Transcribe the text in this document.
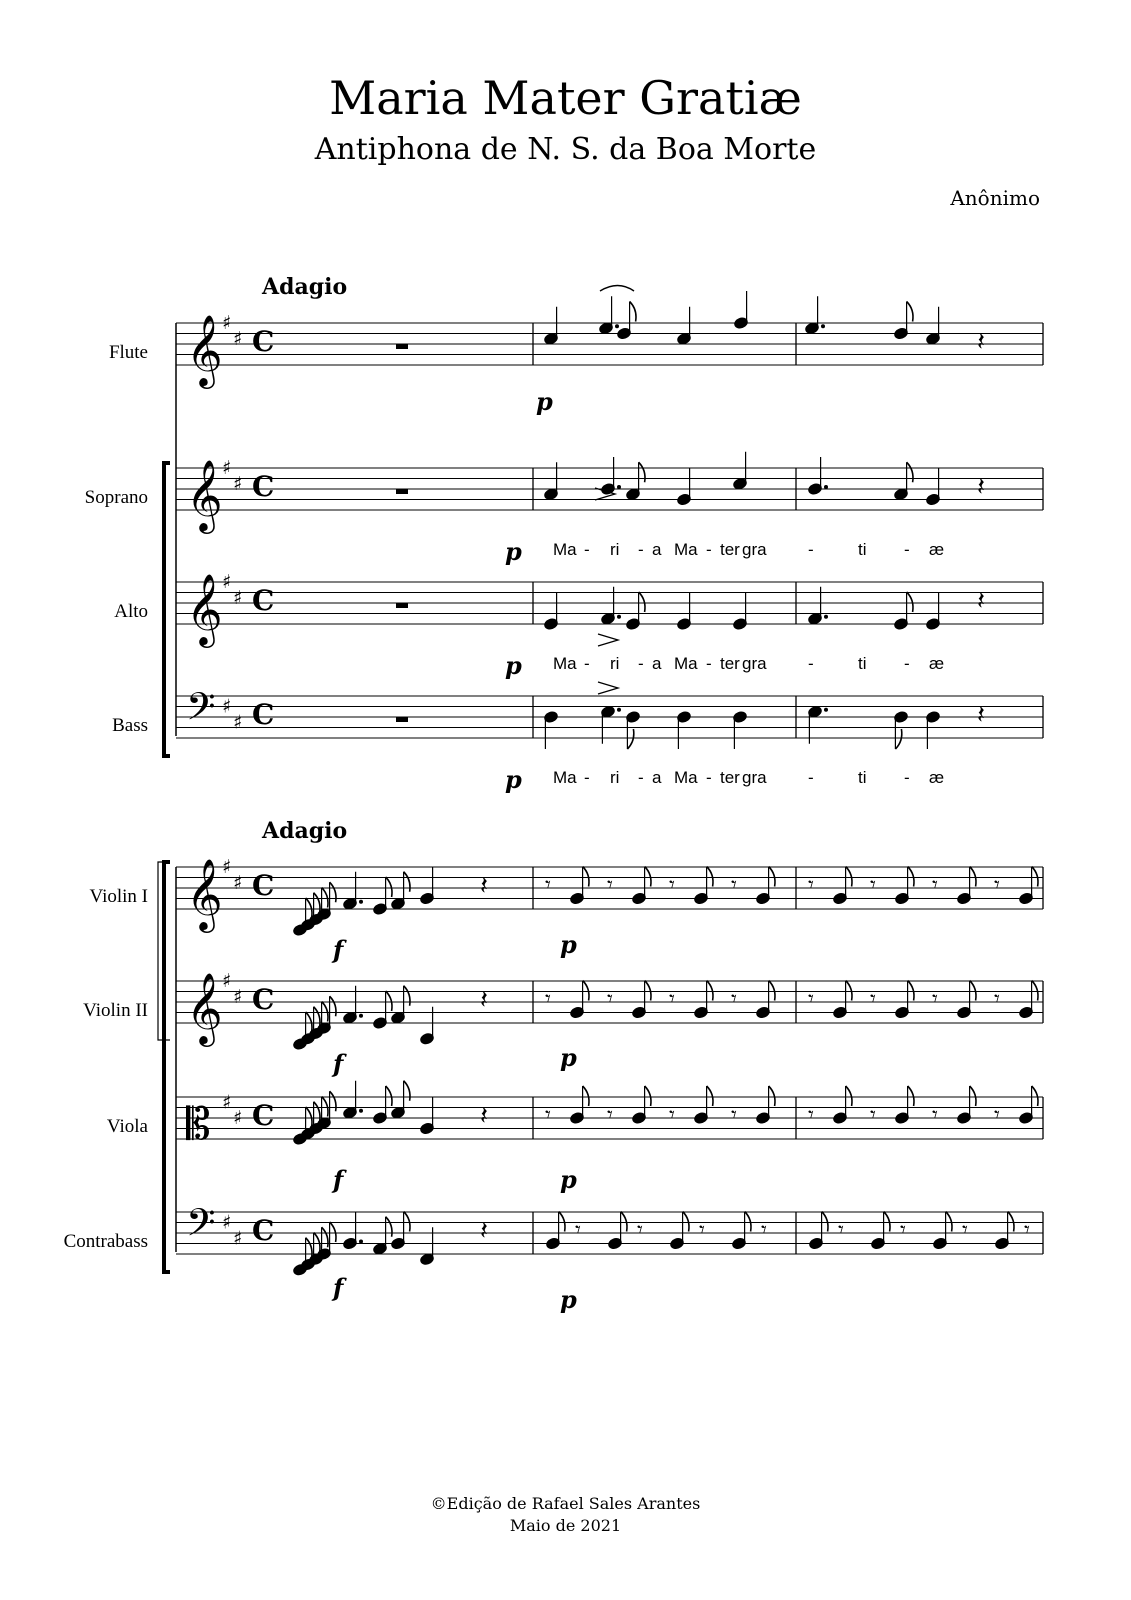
Maria Mater Gratiæ
Antiphona de N. S. da Boa Morte
Anônimo
Adagio
Adagio
Flute
Soprano
Alto
Bass
Violin I
Violin II
Viola
Contrabass
𝄞 ♯
♯ C
𝄞 ♯
♯ C
𝄞 ♯
♯ C
𝄢 ♯
♯ C
𝄞 ♯
♯ C
𝄞 ♯
♯ C
𝄡 ♯
♯ C
𝄢 ♯
♯ C
𝄽
𝄽
𝄽
𝄽
𝄽	𝄾	𝄾	𝄾	𝄾	𝄾	𝄾	𝄾	𝄾
𝄽	𝄾	𝄾	𝄾	𝄾	𝄾	𝄾	𝄾	𝄾
𝄽	𝄾	𝄾	𝄾	𝄾	𝄾	𝄾	𝄾	𝄾
𝄽	𝄾	𝄾	𝄾	𝄾	𝄾	𝄾	𝄾	𝄾
p
p
p
p
p
p
p
p
f
f
f
f
Ma - ri - a Ma - ter gra -	ti - æ
Ma - ri - a Ma - ter gra -	ti - æ
Ma - ri - a Ma - ter gra -	ti - æ
©Edição de Rafael Sales Arantes
Maio de 2021
